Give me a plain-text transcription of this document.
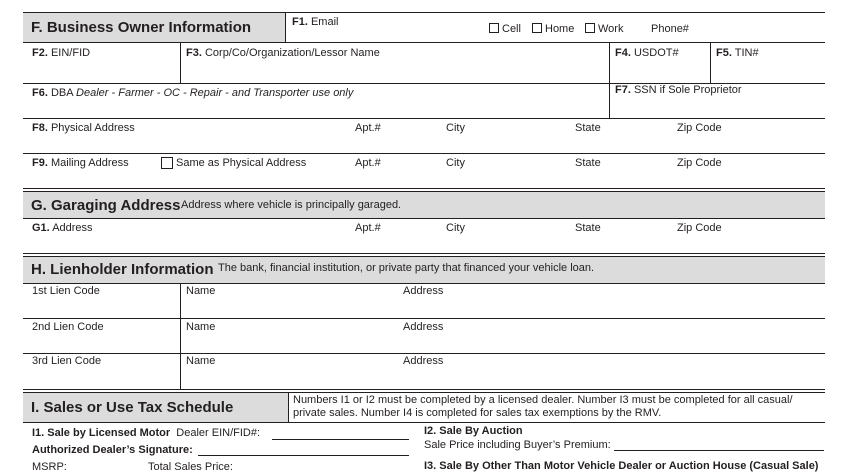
F. Business Owner Information	F1. Email
Cell	Home	Work	Phone#
F2. EIN/FID	F3. Corp/Co/Organization/Lessor Name	F4. USDOT#	F5. TIN#
F6. DBA Dealer - Farmer - OC - Repair - and Transporter use only	F7. SSN if Sole Proprietor
F8. Physical Address	Apt.#	City	State	Zip Code
F9. Mailing Address	Same as Physical Address	Apt.#	City	State	Zip Code
G. Garaging Address Address where vehicle is principally garaged.
G1. Address	Apt.#	City	State	Zip Code
H. Lienholder Information The bank, financial institution, or private party that financed your vehicle loan.
1st Lien Code	Name	Address
2nd Lien Code	Name	Address
3rd Lien Code	Name	Address
I. Sales or Use Tax Schedule	Numbers I1 or I2 must be completed by a licensed dealer. Number I3 must be completed for all casual/ private sales. Number I4 is completed for sales tax exemptions by the RMV.
I1. Sale by Licensed Motor Dealer EIN/FID#:
Authorized Dealer’s Signature:
I2. Sale By Auction
Sale Price including Buyer’s Premium:
MSRP:	Total Sales Price:	I3. Sale By Other Than Motor Vehicle Dealer or Auction House (Casual Sale)
